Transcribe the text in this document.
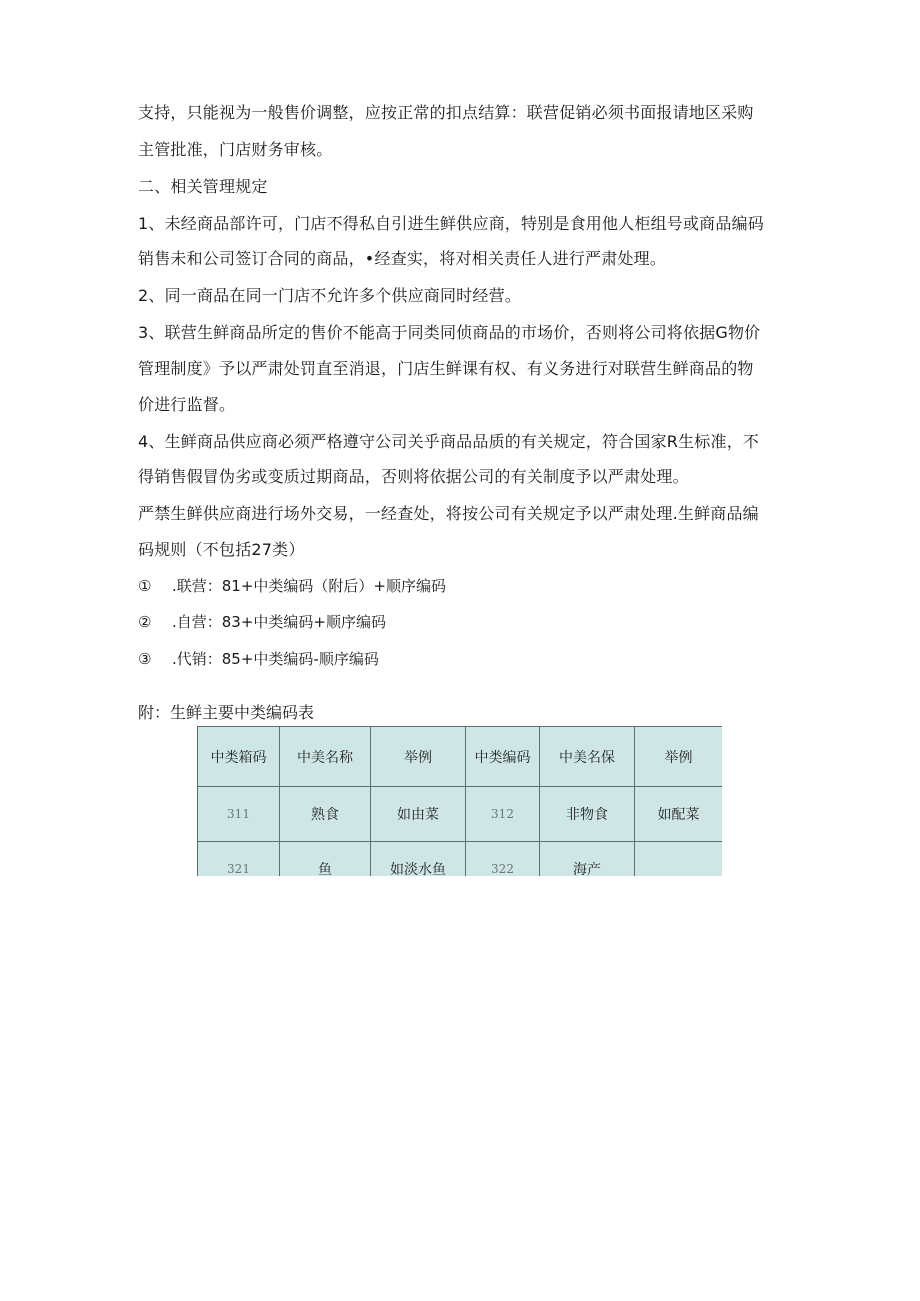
支持，只能视为一般售价调整，应按正常的扣点结算：联营促销必须书面报请地区采购
主管批准，门店财务审核。
二、相关管理规定
1、未经商品部许可，门店不得私自引进生鲜供应商，特别是食用他人柜组号或商品编码
销售未和公司签订合同的商品，•经查实，将对相关责任人进行严肃处理。
2、同一商品在同一门店不允许多个供应商同时经营。
3、联营生鲜商品所定的售价不能高于同类同侦商品的市场价，否则将公司将依据G物价
管理制度》予以严肃处罚直至消退，门店生鲜课有权、有义务进行对联营生鲜商品的物
价进行监督。
4、生鲜商品供应商必须严格遵守公司关乎商品品质的有关规定，符合国家R生标准，不
得销售假冒伪劣或变质过期商品，否则将依据公司的有关制度予以严肃处理。
严禁生鲜供应商进行场外交易，一经查处，将按公司有关规定予以严肃处理.生鲜商品编
码规则（不包括27类）
① .联营：81+中类编码（附后）+顺序编码
② .自营：83+中类编码+顺序编码
③ .代销：85+中类编码-顺序编码
附：生鲜主要中类编码表
中类箱码	中美名称	举例	中类编码	中美名保	举例
311	熟食	如由菜	312	非物食	如配菜
321	鱼	如淡水鱼	322	海产	
